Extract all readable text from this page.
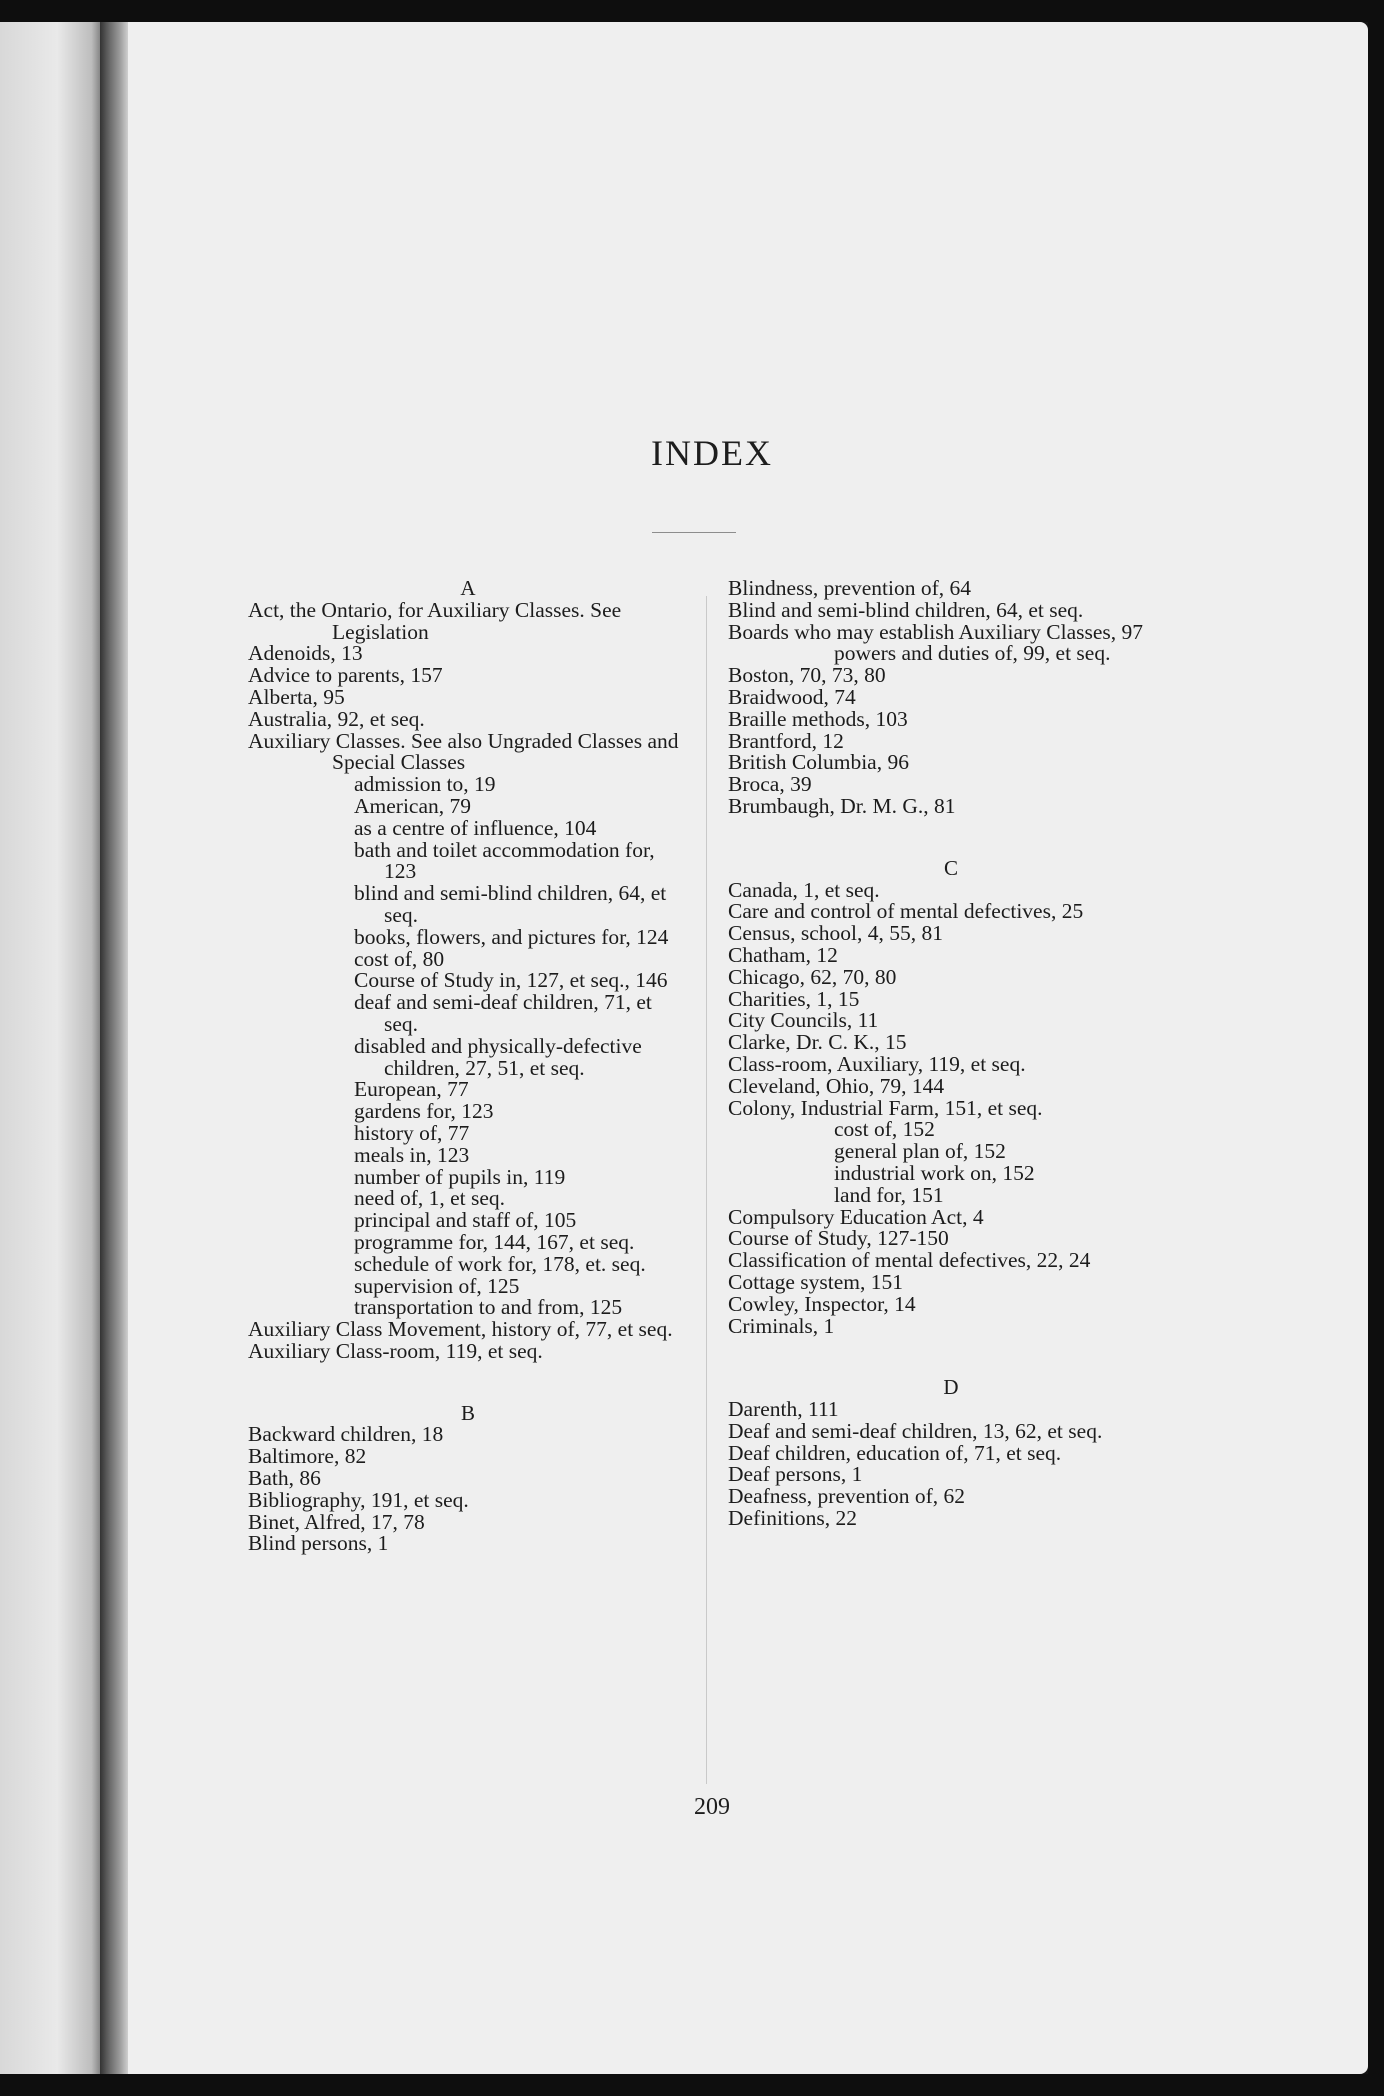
INDEX

A

Act, the Ontario, for Auxiliary Classes. See Legislation

Adenoids, 13

Advice to parents, 157

Alberta, 95

Australia, 92, et seq.

Auxiliary Classes. See also Ungraded Classes and Special Classes

admission to, 19

American, 79

as a centre of influence, 104

bath and toilet accommodation for, 123

blind and semi-blind children, 64, et seq.

books, flowers, and pictures for, 124

cost of, 80

Course of Study in, 127, et seq., 146

deaf and semi-deaf children, 71, et seq.

disabled and physically-defective children, 27, 51, et seq.

European, 77

gardens for, 123

history of, 77

meals in, 123

number of pupils in, 119

need of, 1, et seq.

principal and staff of, 105

programme for, 144, 167, et seq.

schedule of work for, 178, et. seq.

supervision of, 125

transportation to and from, 125

Auxiliary Class Movement, history of, 77, et seq.

Auxiliary Class-room, 119, et seq.

B

Backward children, 18

Baltimore, 82

Bath, 86

Bibliography, 191, et seq.

Binet, Alfred, 17, 78

Blind persons, 1

Blindness, prevention of, 64

Blind and semi-blind children, 64, et seq.

Boards who may establish Auxiliary Classes, 97

powers and duties of, 99, et seq.

Boston, 70, 73, 80

Braidwood, 74

Braille methods, 103

Brantford, 12

British Columbia, 96

Broca, 39

Brumbaugh, Dr. M. G., 81

C

Canada, 1, et seq.

Care and control of mental defectives, 25

Census, school, 4, 55, 81

Chatham, 12

Chicago, 62, 70, 80

Charities, 1, 15

City Councils, 11

Clarke, Dr. C. K., 15

Class-room, Auxiliary, 119, et seq.

Cleveland, Ohio, 79, 144

Colony, Industrial Farm, 151, et seq.

cost of, 152

general plan of, 152

industrial work on, 152

land for, 151

Compulsory Education Act, 4

Course of Study, 127-150

Classification of mental defectives, 22, 24

Cottage system, 151

Cowley, Inspector, 14

Criminals, 1

D

Darenth, 111

Deaf and semi-deaf children, 13, 62, et seq.

Deaf children, education of, 71, et seq.

Deaf persons, 1

Deafness, prevention of, 62

Definitions, 22

209
